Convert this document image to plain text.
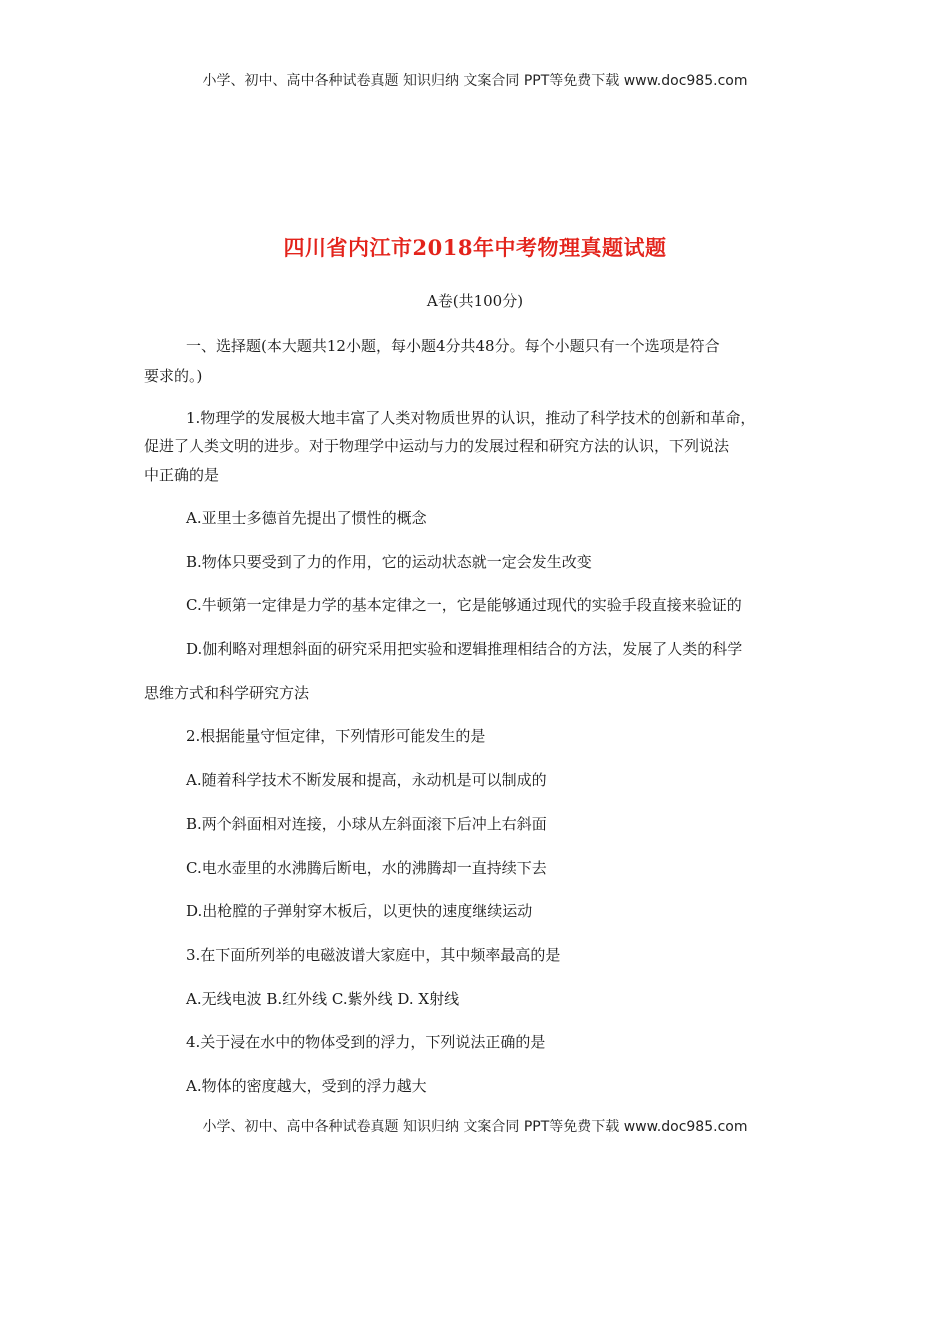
小学、初中、高中各种试卷真题 知识归纳 文案合同 PPT等免费下载 www.doc985.com
四川省内江市2018年中考物理真题试题
A卷(共100分)
一、选择题(本大题共12小题，每小题4分共48分。每个小题只有一个选项是符合
要求的。)
1.物理学的发展极大地丰富了人类对物质世界的认识，推动了科学技术的创新和革命，
促进了人类文明的进步。对于物理学中运动与力的发展过程和研究方法的认识，下列说法
中正确的是
A.亚里士多德首先提出了惯性的概念
B.物体只要受到了力的作用，它的运动状态就一定会发生改变
C.牛顿第一定律是力学的基本定律之一，它是能够通过现代的实验手段直接来验证的
D.伽利略对理想斜面的研究采用把实验和逻辑推理相结合的方法，发展了人类的科学
思维方式和科学研究方法
2.根据能量守恒定律，下列情形可能发生的是
A.随着科学技术不断发展和提高，永动机是可以制成的
B.两个斜面相对连接，小球从左斜面滚下后冲上右斜面
C.电水壶里的水沸腾后断电，水的沸腾却一直持续下去
D.出枪膛的子弹射穿木板后，以更快的速度继续运动
3.在下面所列举的电磁波谱大家庭中，其中频率最高的是
A.无线电波 B.红外线 C.紫外线 D. X射线
4.关于浸在水中的物体受到的浮力，下列说法正确的是
A.物体的密度越大，受到的浮力越大
小学、初中、高中各种试卷真题 知识归纳 文案合同 PPT等免费下载 www.doc985.com
